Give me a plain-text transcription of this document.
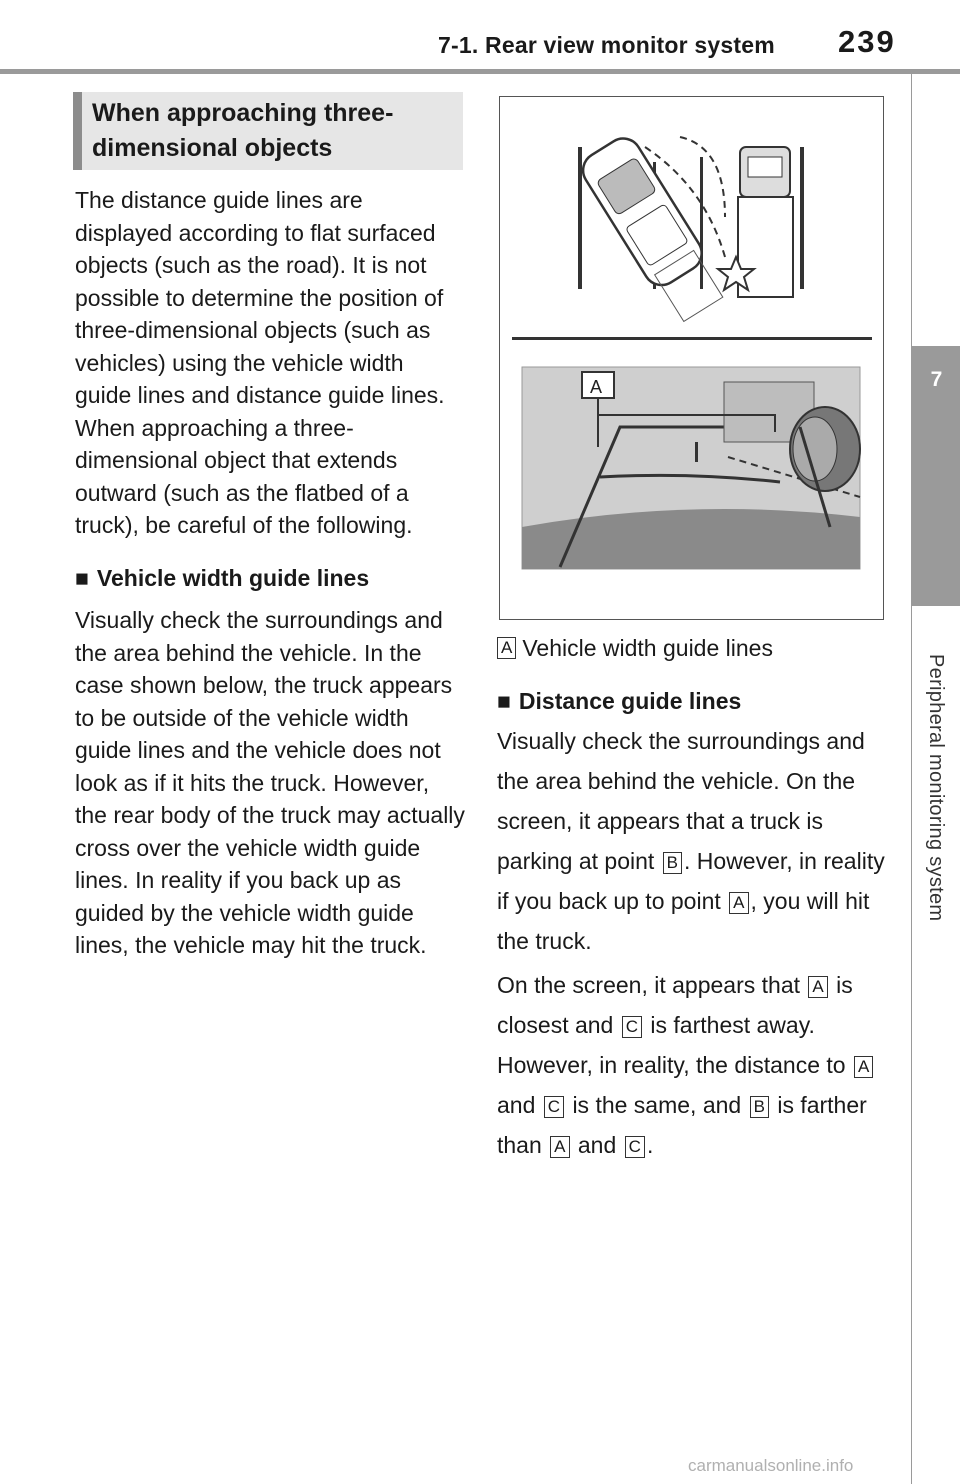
7-1. Rear view monitor system 239
7
Peripheral monitoring system
When approaching three-dimensional objects

The distance guide lines are displayed according to flat surfaced objects (such as the road). It is not possible to determine the position of three-dimensional objects (such as vehicles) using the vehicle width guide lines and distance guide lines. When approaching a three-dimensional object that extends outward (such as the flatbed of a truck), be careful of the following.

■ Vehicle width guide lines

Visually check the surroundings and the area behind the vehicle. In the case shown below, the truck appears to be outside of the vehicle width guide lines and the vehicle does not look as if it hits the truck. However, the rear body of the truck may actually cross over the vehicle width guide lines. In reality if you back up as guided by the vehicle width guide lines, the vehicle may hit the truck.

A
A Vehicle width guide lines
■ Distance guide lines

Visually check the surroundings and the area behind the vehicle. On the screen, it appears that a truck is parking at point B . However, in reality if you back up to point A , you will hit the truck.

On the screen, it appears that A is closest and C is farthest away. However, in reality, the distance to A and C is the same, and B is farther than A and C .

carmanualsonline.info
